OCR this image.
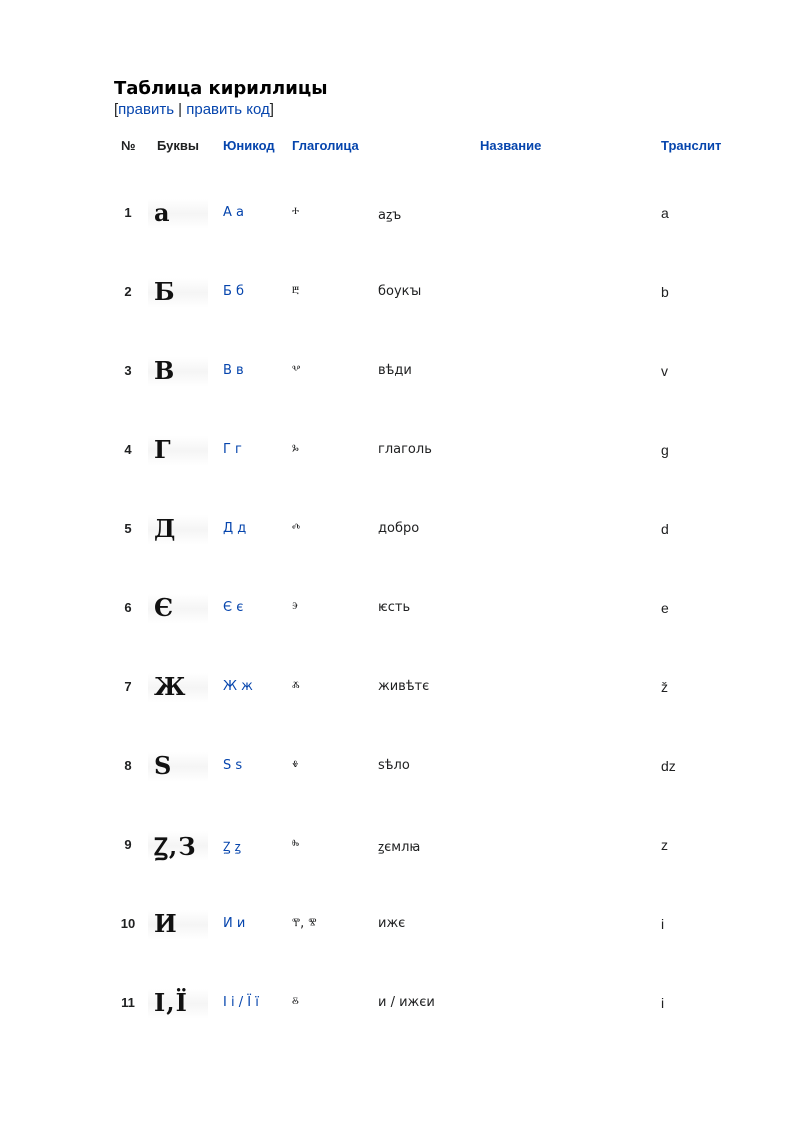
Таблица кириллицы
[править | править код]
№ Буквы Юникод Глаголица	Название	Транслит
1 а	А а	ⰰ	аꙁъ	a
2 Б	Б б	ⰱ	боукꙑ	b
3 В	В в	ⰲ	вѣди	v
4 Г	Г г	ⰳ	глаголь	g
5 Д	Д д	ⰴ	добро	d
6 Є	Є є	ⰵ	ѥсть	e
7 Ж	Ж ж	ⰶ	живѣтє	ž
8 Ѕ	Ѕ ѕ	ⰷ	ѕѣло	dz
9 Ꙁ,З Ꙁ ꙁ	ⰸ	ꙁємлꙗ	z
10 И	И и	ⰹ, ⰺ	ижє	i
11 І,Ї	І і / Ї ї	ⰻ	и / ижєи	i
